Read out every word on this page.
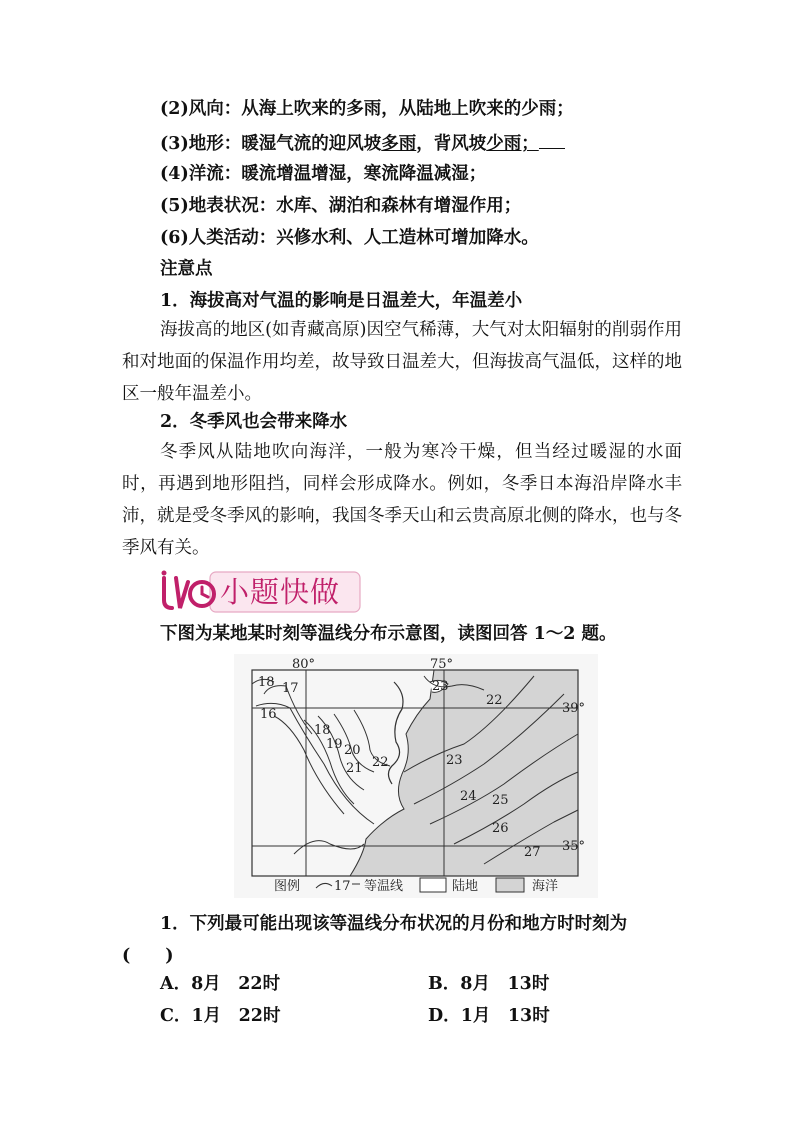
(2)风向：从海上吹来的多雨，从陆地上吹来的少雨；
(3)地形：暖湿气流的迎风坡多雨，背风坡少雨；
(4)洋流：暖流增温增湿，寒流降温减湿；
(5)地表状况：水库、湖泊和森林有增湿作用；
(6)人类活动：兴修水利、人工造林可增加降水。
注意点
1．海拔高对气温的影响是日温差大，年温差小
海拔高的地区(如青藏高原)因空气稀薄，大气对太阳辐射的削弱作用和对地面的保温作用均差，故导致日温差大，但海拔高气温低，这样的地区一般年温差小。
2．冬季风也会带来降水
冬季风从陆地吹向海洋，一般为寒冷干燥，但当经过暖湿的水面时，再遇到地形阻挡，同样会形成降水。例如，冬季日本海沿岸降水丰沛，就是受冬季风的影响，我国冬季天山和云贵高原北侧的降水，也与冬季风有关。
小题快做
下图为某地某时刻等温线分布示意图，读图回答 1～2 题。
18 17
16
18
19 20
21 22
23
22
23
24 25
26
27
80°	75°
39°
35°
图例	17 等温线	陆地	海洋
1．下列最可能出现该等温线分布状况的月份和地方时时刻为
(　　)
A．8月　22时	B．8月　13时
C．1月　22时	D．1月　13时
